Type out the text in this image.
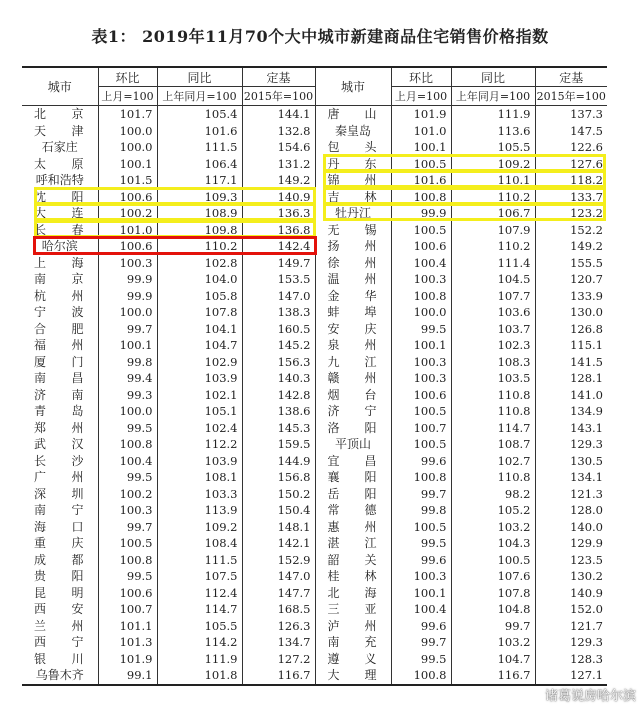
表1： 2019年11月70个大中城市新建商品住宅销售价格指数
城市	环比	同比	定基	城市	环比	同比	定基
	上月=100	上年同月=100	2015年=100		上月=100	上年同月=100	2015年=100
北京	101.7	105.4	144.1	唐山	101.9	111.9	137.3
天津	100.0	101.6	132.8	秦皇岛	101.0	113.6	147.5
石家庄	100.0	111.5	154.6	包头	100.1	105.5	122.6
太原	100.1	106.4	131.2	丹东	100.5	109.2	127.6
呼和浩特	101.5	117.1	149.2	锦州	101.6	110.1	118.2
沈阳	100.6	109.3	140.9	吉林	100.8	110.2	133.7
大连	100.2	108.9	136.3	牡丹江	99.9	106.7	123.2
长春	101.0	109.8	136.8	无锡	100.5	107.9	152.2
哈尔滨	100.6	110.2	142.4	扬州	100.6	110.2	149.2
上海	100.3	102.8	149.7	徐州	100.4	111.4	155.5
南京	99.9	104.0	153.5	温州	100.3	104.5	120.7
杭州	99.9	105.8	147.0	金华	100.8	107.7	133.9
宁波	100.0	107.8	138.3	蚌埠	100.0	103.6	130.0
合肥	99.7	104.1	160.5	安庆	99.5	103.7	126.8
福州	100.1	104.7	145.2	泉州	100.1	102.3	115.1
厦门	99.8	102.9	156.3	九江	100.3	108.3	141.5
南昌	99.4	103.9	140.3	赣州	100.3	103.5	128.1
济南	99.3	102.1	142.8	烟台	100.6	110.8	141.0
青岛	100.0	105.1	138.6	济宁	100.5	110.8	134.9
郑州	99.5	102.4	145.3	洛阳	100.7	114.7	143.1
武汉	100.8	112.2	159.5	平顶山	100.5	108.7	129.3
长沙	100.4	103.9	144.9	宜昌	99.6	102.7	130.5
广州	99.5	108.1	156.8	襄阳	100.8	110.8	134.1
深圳	100.2	103.3	150.2	岳阳	99.7	98.2	121.3
南宁	100.3	113.9	150.4	常德	99.8	105.2	128.0
海口	99.7	109.2	148.1	惠州	100.5	103.2	140.0
重庆	100.5	108.4	142.1	湛江	99.5	104.3	129.9
成都	100.8	111.5	152.9	韶关	99.6	100.5	123.5
贵阳	99.5	107.5	147.0	桂林	100.3	107.6	130.2
昆明	100.6	112.4	147.7	北海	100.1	107.8	140.9
西安	100.7	114.7	168.5	三亚	100.4	104.8	152.0
兰州	101.1	105.5	126.3	泸州	99.6	99.7	121.7
西宁	101.3	114.2	134.7	南充	99.7	103.2	129.3
银川	101.9	111.9	127.2	遵义	99.5	104.7	128.3
乌鲁木齐	99.1	101.8	116.7	大理	100.8	116.7	127.1
诸葛说房哈尔滨
